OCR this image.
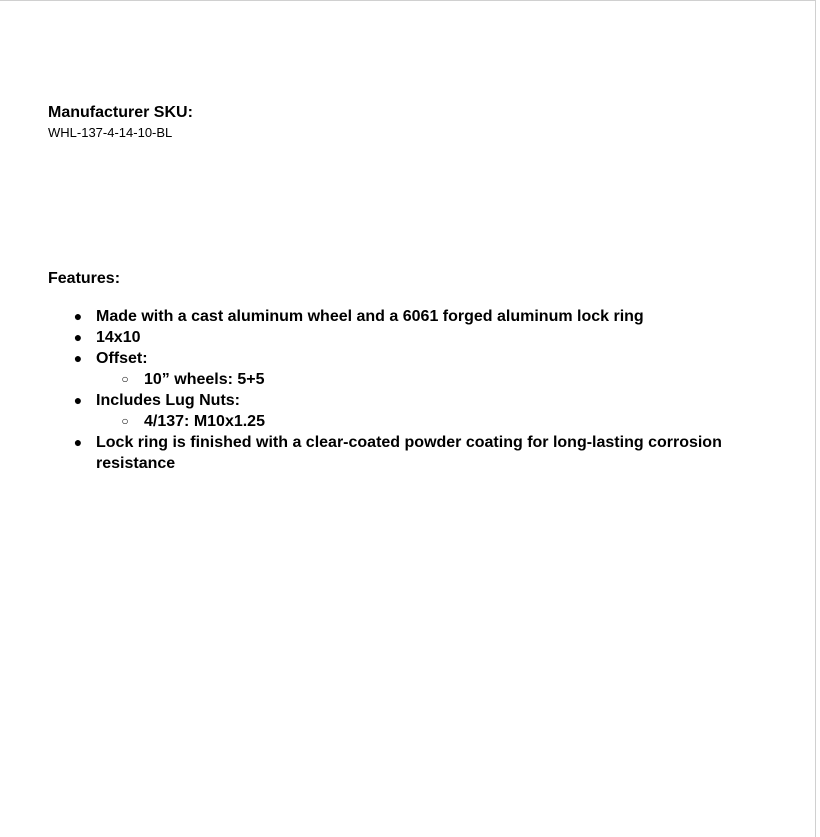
Manufacturer SKU:
WHL-137-4-14-10-BL
Features:
● Made with a cast aluminum wheel and a 6061 forged aluminum lock ring
● 14x10
● Offset:
○ 10” wheels: 5+5
● Includes Lug Nuts:
○ 4/137: M10x1.25
● Lock ring is finished with a clear-coated powder coating for long-lasting corrosion resistance
